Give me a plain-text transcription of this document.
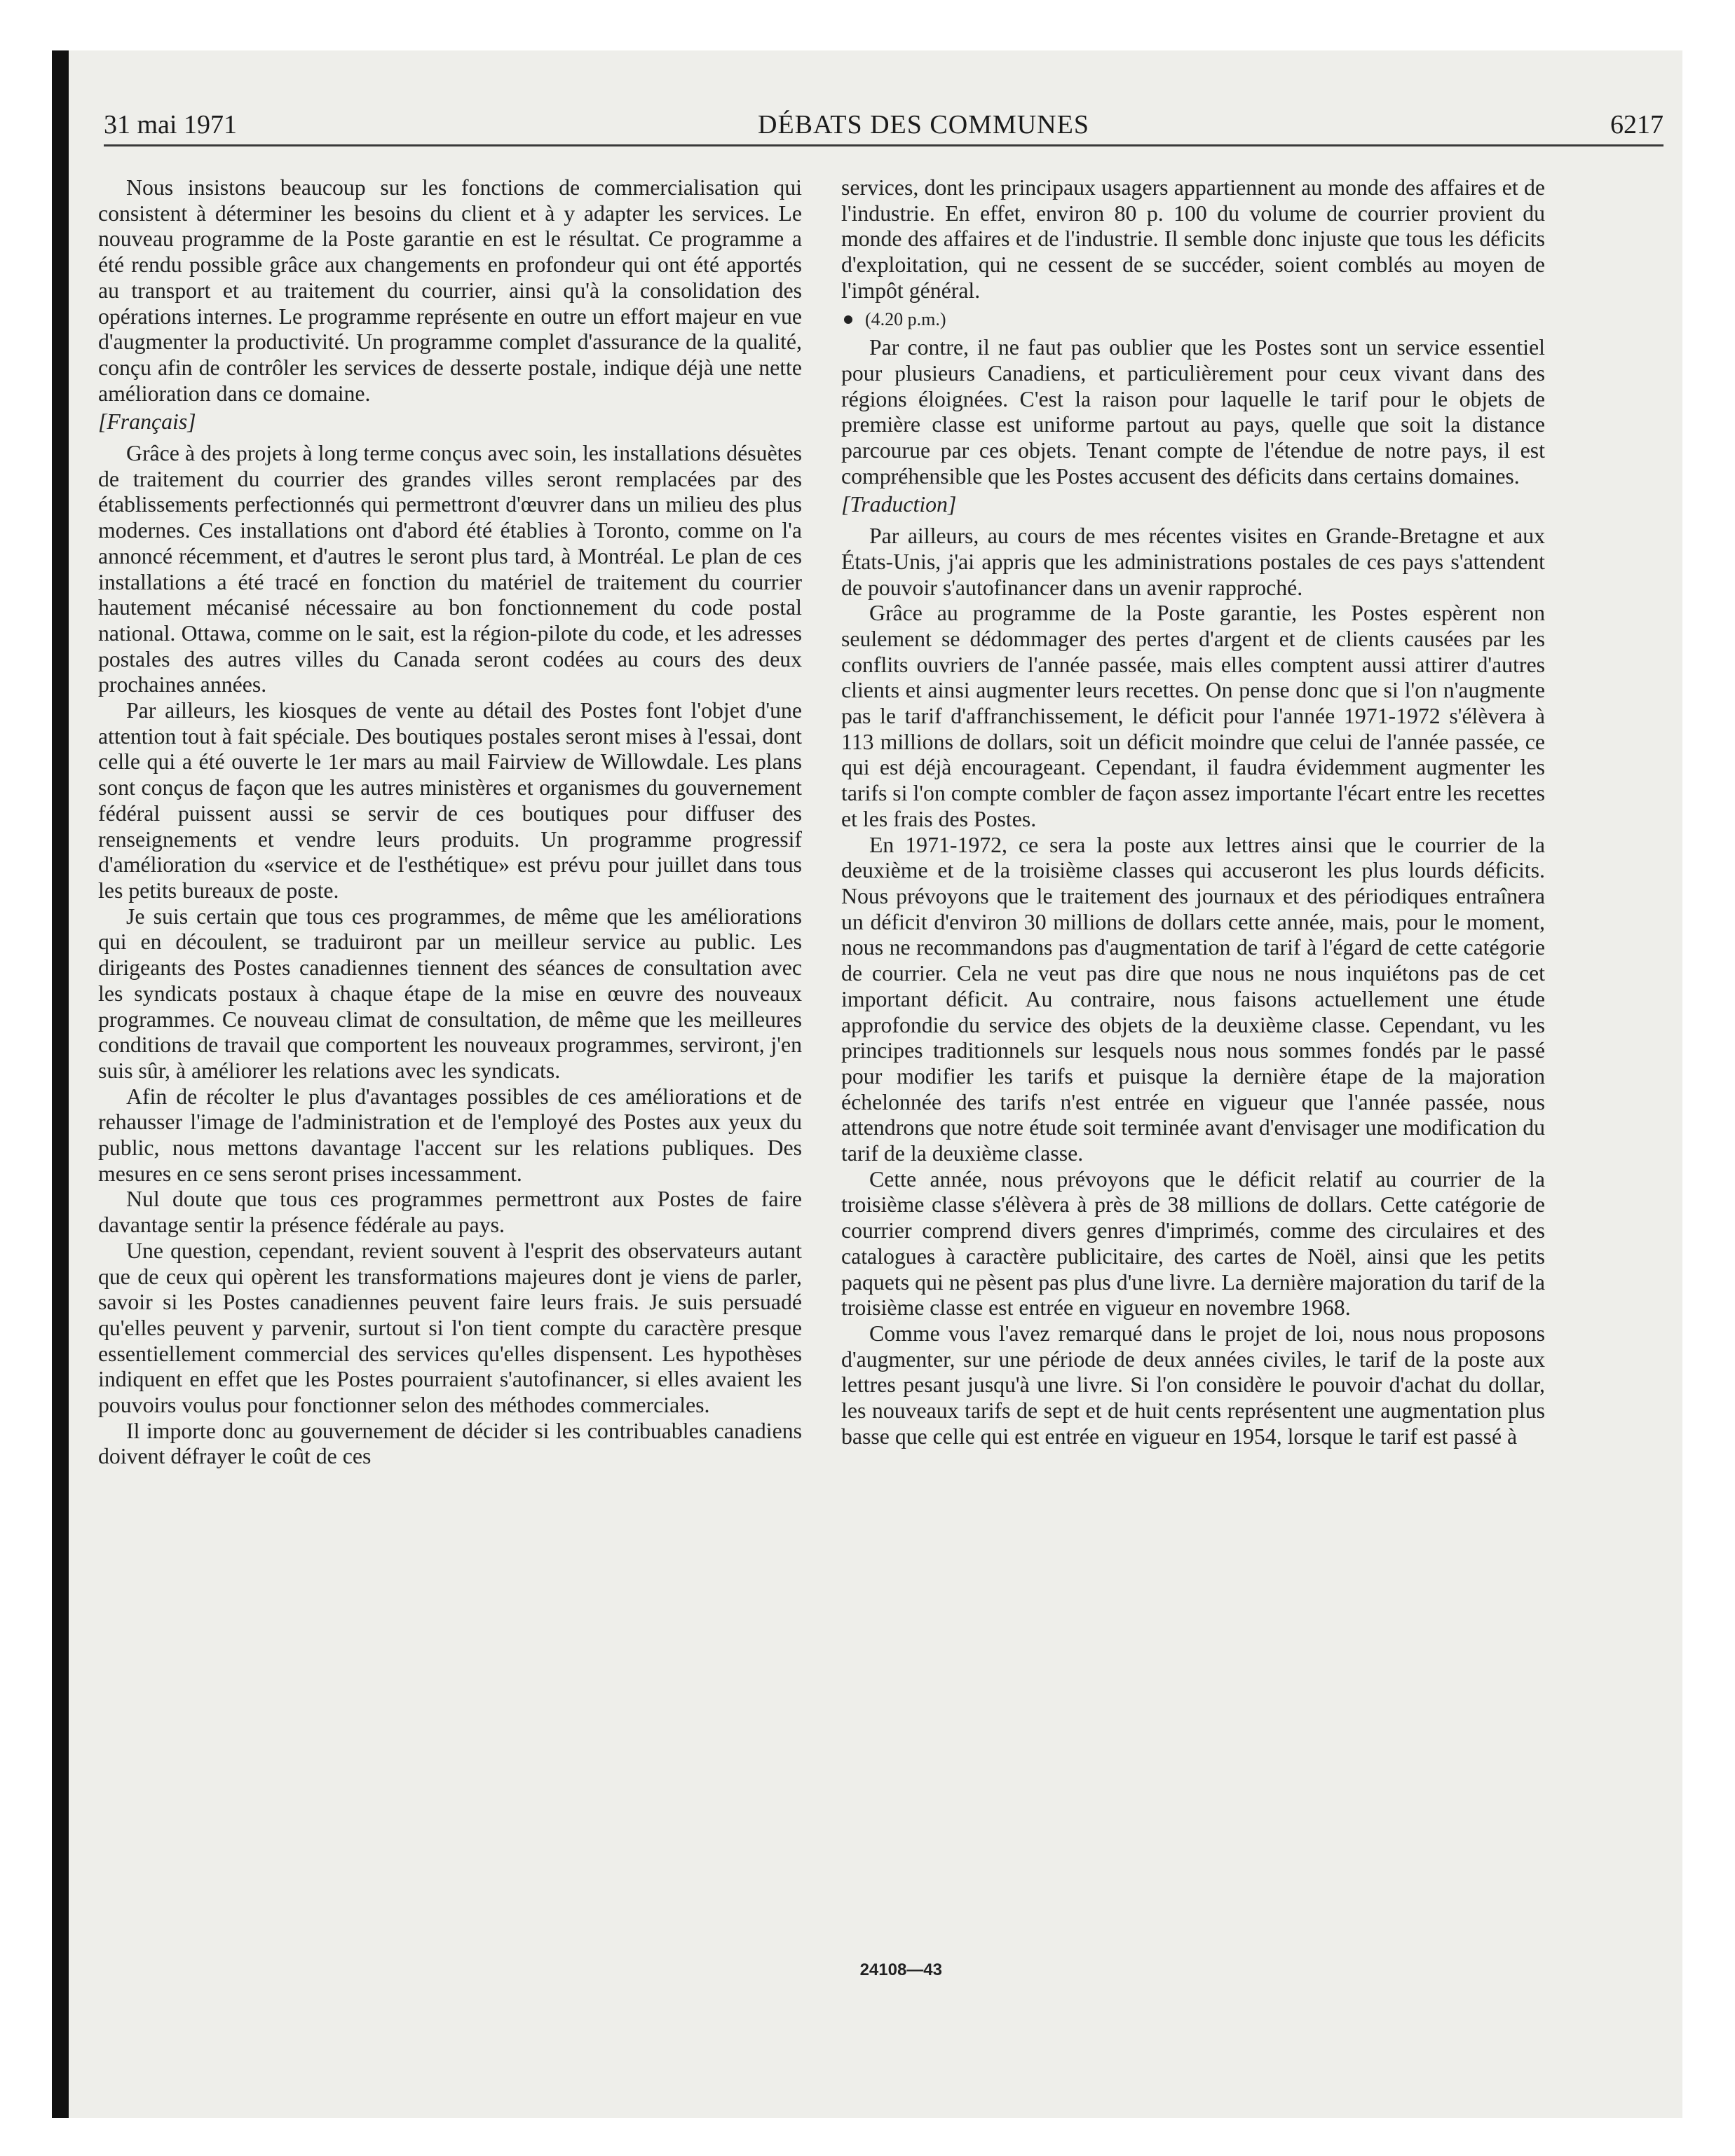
31 mai 1971	DÉBATS DES COMMUNES	6217

Nous insistons beaucoup sur les fonctions de commercialisation qui consistent à déterminer les besoins du client et à y adapter les services. Le nouveau programme de la Poste garantie en est le résultat. Ce programme a été rendu possible grâce aux changements en profondeur qui ont été apportés au transport et au traitement du courrier, ainsi qu'à la consolidation des opérations internes. Le programme représente en outre un effort majeur en vue d'augmenter la productivité. Un programme complet d'assurance de la qualité, conçu afin de contrôler les services de desserte postale, indique déjà une nette amélioration dans ce domaine.

[Français]

Grâce à des projets à long terme conçus avec soin, les installations désuètes de traitement du courrier des grandes villes seront remplacées par des établissements perfectionnés qui permettront d'œuvrer dans un milieu des plus modernes. Ces installations ont d'abord été établies à Toronto, comme on l'a annoncé récemment, et d'autres le seront plus tard, à Montréal. Le plan de ces installations a été tracé en fonction du matériel de traitement du courrier hautement mécanisé nécessaire au bon fonctionnement du code postal national. Ottawa, comme on le sait, est la région-pilote du code, et les adresses postales des autres villes du Canada seront codées au cours des deux prochaines années.

Par ailleurs, les kiosques de vente au détail des Postes font l'objet d'une attention tout à fait spéciale. Des boutiques postales seront mises à l'essai, dont celle qui a été ouverte le 1er mars au mail Fairview de Willowdale. Les plans sont conçus de façon que les autres ministères et organismes du gouvernement fédéral puissent aussi se servir de ces boutiques pour diffuser des renseignements et vendre leurs produits. Un programme progressif d'amélioration du «service et de l'esthétique» est prévu pour juillet dans tous les petits bureaux de poste.

Je suis certain que tous ces programmes, de même que les améliorations qui en découlent, se traduiront par un meilleur service au public. Les dirigeants des Postes canadiennes tiennent des séances de consultation avec les syndicats postaux à chaque étape de la mise en œuvre des nouveaux programmes. Ce nouveau climat de consultation, de même que les meilleures conditions de travail que comportent les nouveaux programmes, serviront, j'en suis sûr, à améliorer les relations avec les syndicats.

Afin de récolter le plus d'avantages possibles de ces améliorations et de rehausser l'image de l'administration et de l'employé des Postes aux yeux du public, nous mettons davantage l'accent sur les relations publiques. Des mesures en ce sens seront prises incessamment.

Nul doute que tous ces programmes permettront aux Postes de faire davantage sentir la présence fédérale au pays.

Une question, cependant, revient souvent à l'esprit des observateurs autant que de ceux qui opèrent les transformations majeures dont je viens de parler, savoir si les Postes canadiennes peuvent faire leurs frais. Je suis persuadé qu'elles peuvent y parvenir, surtout si l'on tient compte du caractère presque essentiellement commercial des services qu'elles dispensent. Les hypothèses indiquent en effet que les Postes pourraient s'autofinancer, si elles avaient les pouvoirs voulus pour fonctionner selon des méthodes commerciales.

Il importe donc au gouvernement de décider si les contribuables canadiens doivent défrayer le coût de ces

services, dont les principaux usagers appartiennent au monde des affaires et de l'industrie. En effet, environ 80 p. 100 du volume de courrier provient du monde des affaires et de l'industrie. Il semble donc injuste que tous les déficits d'exploitation, qui ne cessent de se succéder, soient comblés au moyen de l'impôt général.

(4.20 p.m.)

Par contre, il ne faut pas oublier que les Postes sont un service essentiel pour plusieurs Canadiens, et particulièrement pour ceux vivant dans des régions éloignées. C'est la raison pour laquelle le tarif pour le objets de première classe est uniforme partout au pays, quelle que soit la distance parcourue par ces objets. Tenant compte de l'étendue de notre pays, il est compréhensible que les Postes accusent des déficits dans certains domaines.

[Traduction]

Par ailleurs, au cours de mes récentes visites en Grande-Bretagne et aux États-Unis, j'ai appris que les administrations postales de ces pays s'attendent de pouvoir s'autofinancer dans un avenir rapproché.

Grâce au programme de la Poste garantie, les Postes espèrent non seulement se dédommager des pertes d'argent et de clients causées par les conflits ouvriers de l'année passée, mais elles comptent aussi attirer d'autres clients et ainsi augmenter leurs recettes. On pense donc que si l'on n'augmente pas le tarif d'affranchissement, le déficit pour l'année 1971-1972 s'élèvera à 113 millions de dollars, soit un déficit moindre que celui de l'année passée, ce qui est déjà encourageant. Cependant, il faudra évidemment augmenter les tarifs si l'on compte combler de façon assez importante l'écart entre les recettes et les frais des Postes.

En 1971-1972, ce sera la poste aux lettres ainsi que le courrier de la deuxième et de la troisième classes qui accuseront les plus lourds déficits. Nous prévoyons que le traitement des journaux et des périodiques entraînera un déficit d'environ 30 millions de dollars cette année, mais, pour le moment, nous ne recommandons pas d'augmentation de tarif à l'égard de cette catégorie de courrier. Cela ne veut pas dire que nous ne nous inquiétons pas de cet important déficit. Au contraire, nous faisons actuellement une étude approfondie du service des objets de la deuxième classe. Cependant, vu les principes traditionnels sur lesquels nous nous sommes fondés par le passé pour modifier les tarifs et puisque la dernière étape de la majoration échelonnée des tarifs n'est entrée en vigueur que l'année passée, nous attendrons que notre étude soit terminée avant d'envisager une modification du tarif de la deuxième classe.

Cette année, nous prévoyons que le déficit relatif au courrier de la troisième classe s'élèvera à près de 38 millions de dollars. Cette catégorie de courrier comprend divers genres d'imprimés, comme des circulaires et des catalogues à caractère publicitaire, des cartes de Noël, ainsi que les petits paquets qui ne pèsent pas plus d'une livre. La dernière majoration du tarif de la troisième classe est entrée en vigueur en novembre 1968.

Comme vous l'avez remarqué dans le projet de loi, nous nous proposons d'augmenter, sur une période de deux années civiles, le tarif de la poste aux lettres pesant jusqu'à une livre. Si l'on considère le pouvoir d'achat du dollar, les nouveaux tarifs de sept et de huit cents représentent une augmentation plus basse que celle qui est entrée en vigueur en 1954, lorsque le tarif est passé à

24108—43
